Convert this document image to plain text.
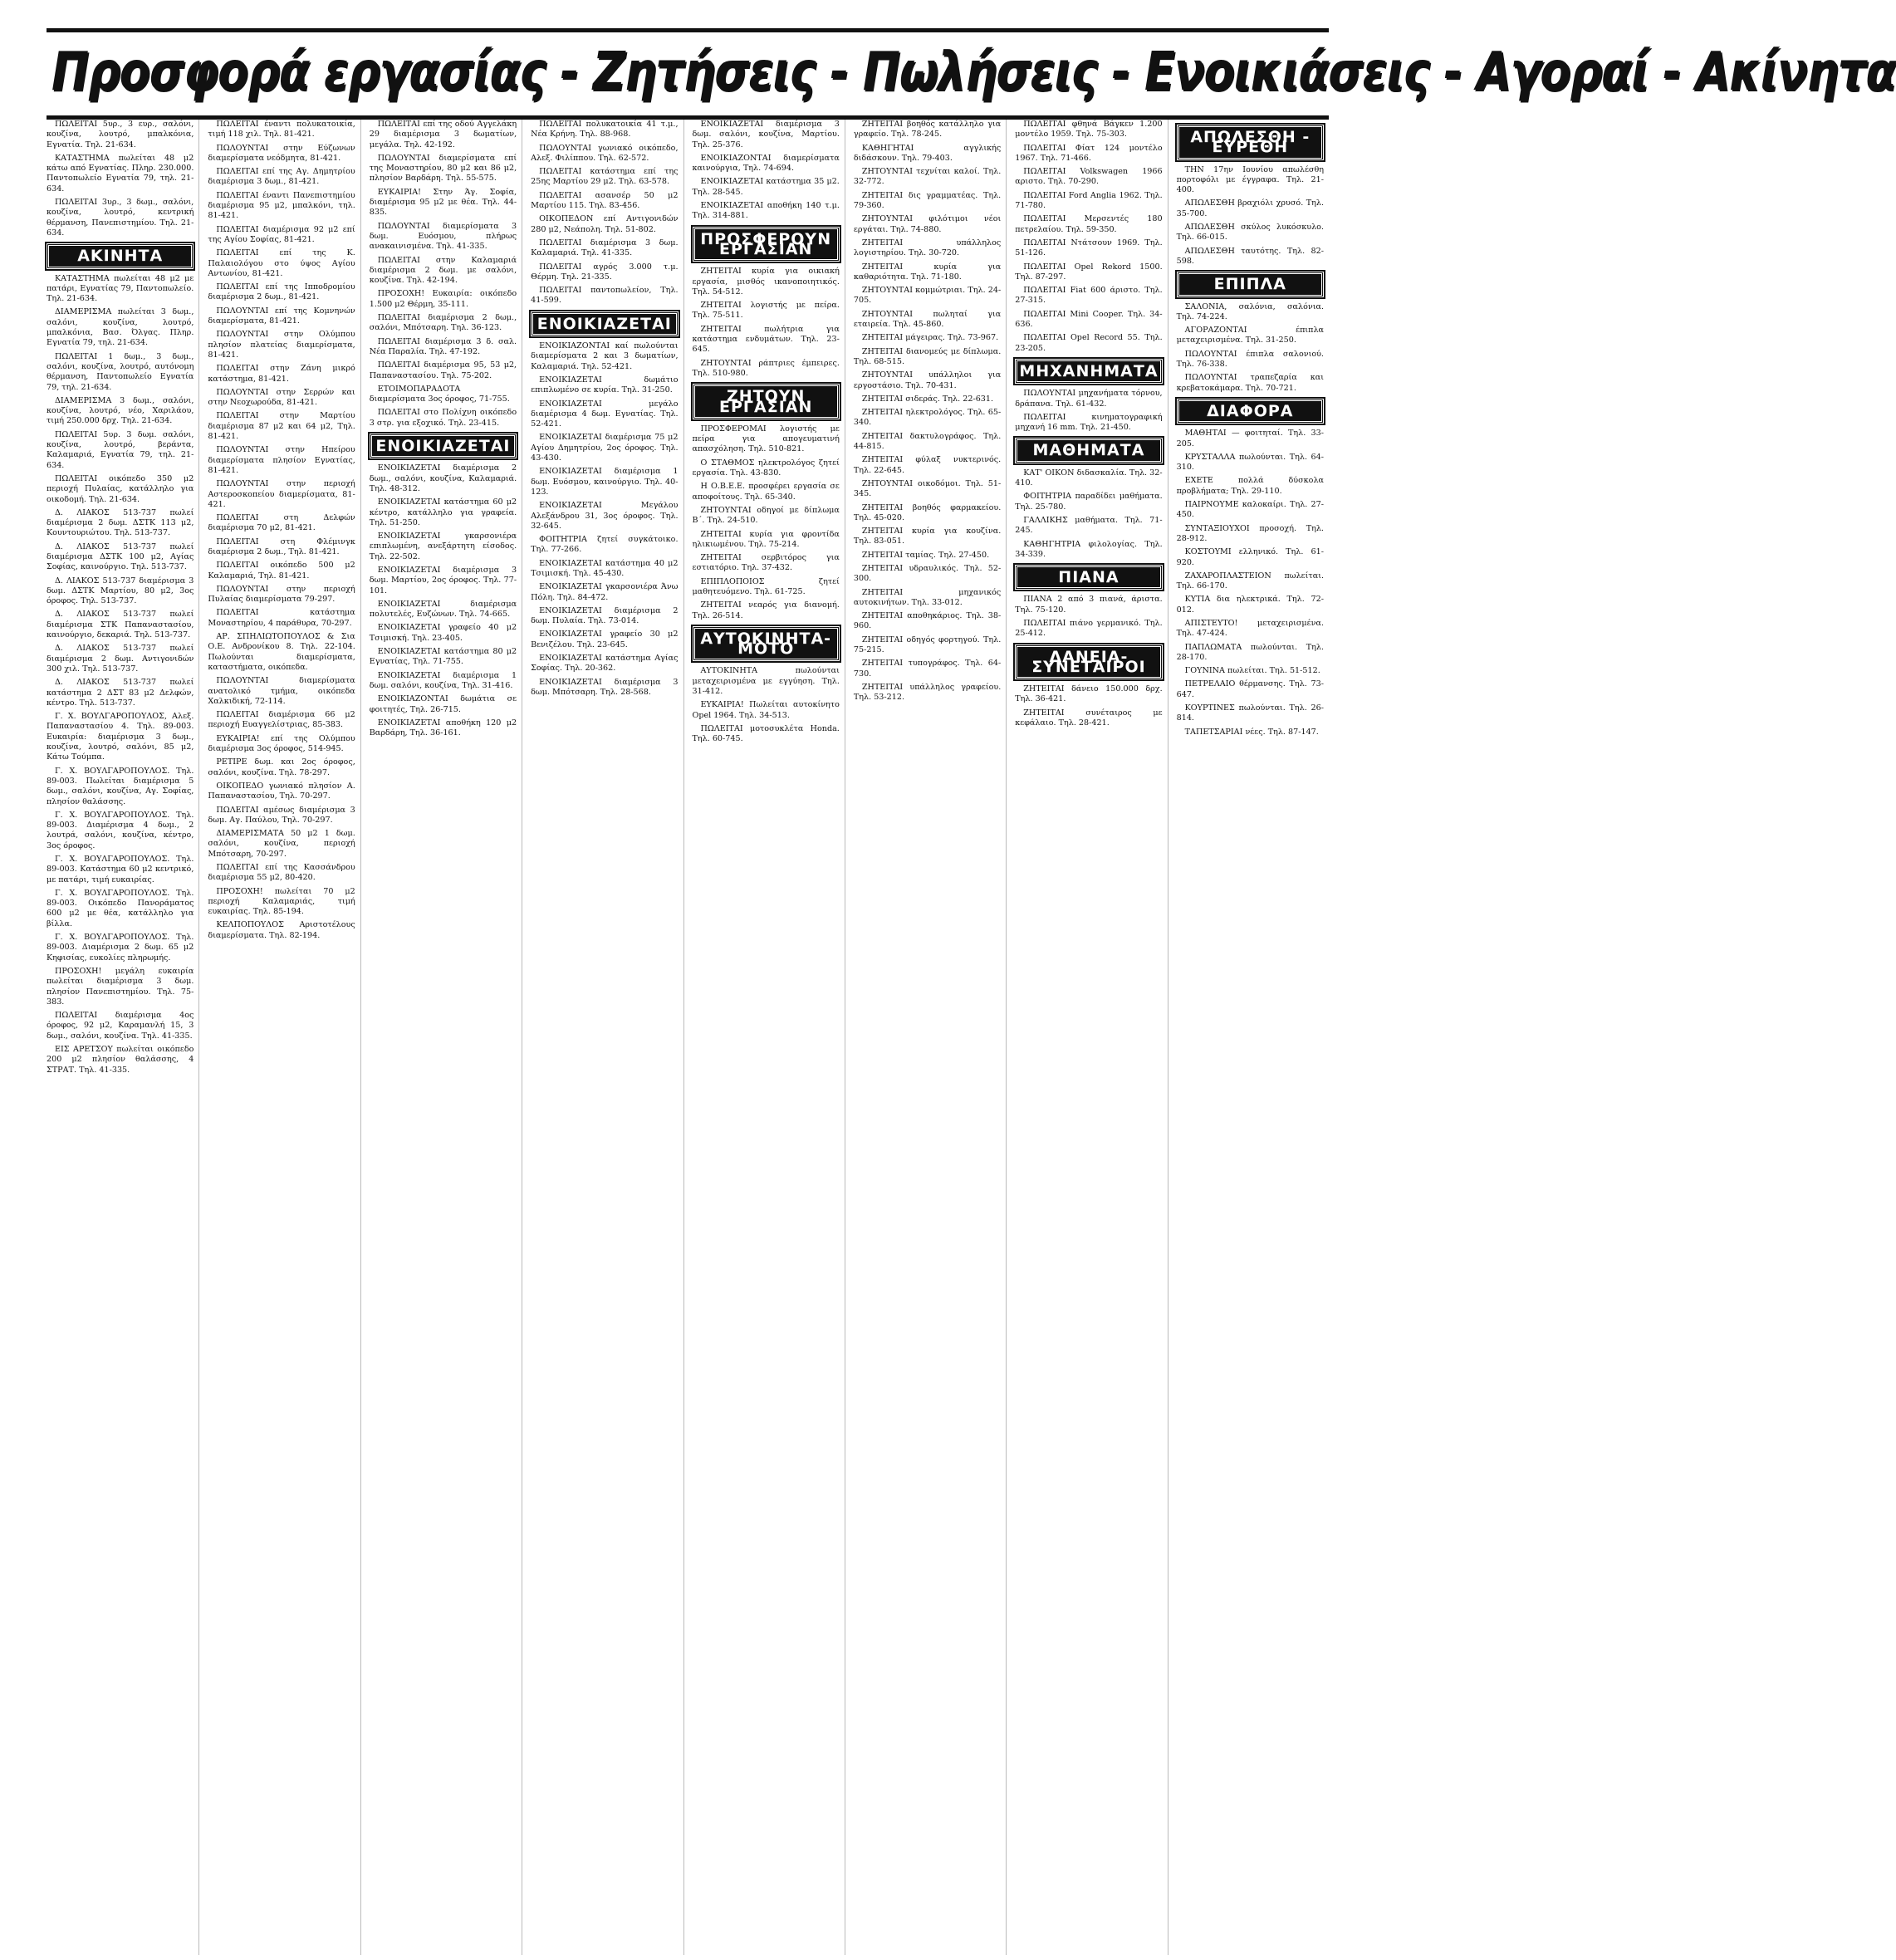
Προσφορά εργασίας - Ζητήσεις - Πωλήσεις - Ενοικιάσεις - Αγοραί - Ακίνητα

ΠΩΛΕΙΤΑΙ 5υρ., 3 ευρ., σαλόνι, κουζίνα, λουτρό, μπαλκόνια, Εγνατία. Τηλ. 21-634.

ΚΑΤΑΣΤΗΜΑ πωλείται 48 μ2 κάτω από Εγνατίας. Πληρ. 230.000. Παντοπωλείο Εγνατία 79, τηλ. 21-634.

ΠΩΛΕΙΤΑΙ 3υρ., 3 δωμ., σαλόνι, κουζίνα, λουτρό, κεντρική θέρμανση, Πανεπιστημίου. Τηλ. 21-634.

ΑΚΙΝΗΤΑ

ΚΑΤΑΣΤΗΜΑ πωλείται 48 μ2 με πατάρι, Εγνατίας 79, Παντοπωλείο. Τηλ. 21-634.

ΔΙΑΜΕΡΙΣΜΑ πωλείται 3 δωμ., σαλόνι, κουζίνα, λουτρό, μπαλκόνια, Βασ. Όλγας. Πληρ. Εγνατία 79, τηλ. 21-634.

ΠΩΛΕΙΤΑΙ 1 δωμ., 3 δωμ., σαλόνι, κουζίνα, λουτρό, αυτόνομη θέρμανση, Παντοπωλείο Εγνατία 79, τηλ. 21-634.

ΔΙΑΜΕΡΙΣΜΑ 3 δωμ., σαλόνι, κουζίνα, λουτρό, νέο, Χαριλάου, τιμή 250.000 δρχ. Τηλ. 21-634.

ΠΩΛΕΙΤΑΙ 5υρ. 3 δωμ. σαλόνι, κουζίνα, λουτρό, βεράντα, Καλαμαριά, Εγνατία 79, τηλ. 21-634.

ΠΩΛΕΙΤΑΙ οικόπεδο 350 μ2 περιοχή Πυλαίας, κατάλληλο για οικοδομή. Τηλ. 21-634.

Δ. ΛΙΑΚΟΣ 513-737 πωλεί διαμέρισμα 2 δωμ. ΔΣΤΚ 113 μ2, Κουντουριώτου. Τηλ. 513-737.

Δ. ΛΙΑΚΟΣ 513-737 πωλεί διαμέρισμα ΔΣΤΚ 100 μ2, Αγίας Σοφίας, καινούργιο. Τηλ. 513-737.

Δ. ΛΙΑΚΟΣ 513-737 διαμέρισμα 3 δωμ. ΔΣΤΚ Μαρτίου, 80 μ2, 3ος όροφος. Τηλ. 513-737.

Δ. ΛΙΑΚΟΣ 513-737 πωλεί διαμέρισμα ΣΤΚ Παπαναστασίου, καινούργιο, δεκαριά. Τηλ. 513-737.

Δ. ΛΙΑΚΟΣ 513-737 πωλεί διαμέρισμα 2 δωμ. Αντιγονιδών 300 χιλ. Τηλ. 513-737.

Δ. ΛΙΑΚΟΣ 513-737 πωλεί κατάστημα 2 ΔΣΤ 83 μ2 Δελφών, κέντρο. Τηλ. 513-737.

Γ. Χ. ΒΟΥΛΓΑΡΟΠΟΥΛΟΣ, Αλεξ. Παπαναστασίου 4. Τηλ. 89-003. Ευκαιρία: διαμέρισμα 3 δωμ., κουζίνα, λουτρό, σαλόνι, 85 μ2, Κάτω Τούμπα.

Γ. Χ. ΒΟΥΛΓΑΡΟΠΟΥΛΟΣ. Τηλ. 89-003. Πωλείται διαμέρισμα 5 δωμ., σαλόνι, κουζίνα, Αγ. Σοφίας, πλησίον θαλάσσης.

Γ. Χ. ΒΟΥΛΓΑΡΟΠΟΥΛΟΣ. Τηλ. 89-003. Διαμέρισμα 4 δωμ., 2 λουτρά, σαλόνι, κουζίνα, κέντρο, 3ος όροφος.

Γ. Χ. ΒΟΥΛΓΑΡΟΠΟΥΛΟΣ. Τηλ. 89-003. Κατάστημα 60 μ2 κεντρικό, με πατάρι, τιμή ευκαιρίας.

Γ. Χ. ΒΟΥΛΓΑΡΟΠΟΥΛΟΣ. Τηλ. 89-003. Οικόπεδο Πανοράματος 600 μ2 με θέα, κατάλληλο για βίλλα.

Γ. Χ. ΒΟΥΛΓΑΡΟΠΟΥΛΟΣ. Τηλ. 89-003. Διαμέρισμα 2 δωμ. 65 μ2 Κηφισίας, ευκολίες πληρωμής.

ΠΡΟΣΟΧΗ! μεγάλη ευκαιρία πωλείται διαμέρισμα 3 δωμ. πλησίον Πανεπιστημίου. Τηλ. 75-383.

ΠΩΛΕΙΤΑΙ διαμέρισμα 4ος όροφος, 92 μ2, Καραμανλή 15, 3 δωμ., σαλόνι, κουζίνα. Τηλ. 41-335.

ΕΙΣ ΑΡΕΤΣΟΥ πωλείται οικόπεδο 200 μ2 πλησίον θαλάσσης, 4 ΣΤΡΑΤ. Τηλ. 41-335.

ΠΩΛΕΙΤΑΙ έναντι πολυκατοικία, τιμή 118 χιλ. Τηλ. 81-421.

ΠΩΛΟΥΝΤΑΙ στην Εύζωνων διαμερίσματα νεόδμητα, 81-421.

ΠΩΛΕΙΤΑΙ επί της Αγ. Δημητρίου διαμέρισμα 3 δωμ., 81-421.

ΠΩΛΕΙΤΑΙ έναντι Πανεπιστημίου διαμέρισμα 95 μ2, μπαλκόνι, τηλ. 81-421.

ΠΩΛΕΙΤΑΙ διαμέρισμα 92 μ2 επί της Αγίου Σοφίας, 81-421.

ΠΩΛΕΙΤΑΙ επί της Κ. Παλαιολόγου στο ύψος Αγίου Αντωνίου, 81-421.

ΠΩΛΕΙΤΑΙ επί της Ιπποδρομίου διαμέρισμα 2 δωμ., 81-421.

ΠΩΛΟΥΝΤΑΙ επί της Κομνηνών διαμερίσματα, 81-421.

ΠΩΛΟΥΝΤΑΙ στην Ολύμπου πλησίον πλατείας διαμερίσματα, 81-421.

ΠΩΛΕΙΤΑΙ στην Ζάνη μικρό κατάστημα, 81-421.

ΠΩΛΟΥΝΤΑΙ στην Σερρών και στην Νεοχωρούδα, 81-421.

ΠΩΛΕΙΤΑΙ στην Μαρτίου διαμέρισμα 87 μ2 και 64 μ2, Τηλ. 81-421.

ΠΩΛΟΥΝΤΑΙ στην Ηπείρου διαμερίσματα πλησίον Εγνατίας, 81-421.

ΠΩΛΟΥΝΤΑΙ στην περιοχή Αστεροσκοπείου διαμερίσματα, 81-421.

ΠΩΛΕΙΤΑΙ στη Δελφών διαμέρισμα 70 μ2, 81-421.

ΠΩΛΕΙΤΑΙ στη Φλέμινγκ διαμέρισμα 2 δωμ., Τηλ. 81-421.

ΠΩΛΕΙΤΑΙ οικόπεδο 500 μ2 Καλαμαριά, Τηλ. 81-421.

ΠΩΛΟΥΝΤΑΙ στην περιοχή Πυλαίας διαμερίσματα 79-297.

ΠΩΛΕΙΤΑΙ κατάστημα Μοναστηρίου, 4 παράθυρα, 70-297.

ΑΡ. ΣΠΗΛΙΩΤΟΠΟΥΛΟΣ & Σια Ο.Ε. Ανδρονίκου 8. Τηλ. 22-104. Πωλούνται διαμερίσματα, καταστήματα, οικόπεδα.

ΠΩΛΟΥΝΤΑΙ διαμερίσματα ανατολικό τμήμα, οικόπεδα Χαλκιδική, 72-114.

ΠΩΛΕΙΤΑΙ διαμέρισμα 66 μ2 περιοχή Ευαγγελίστριας, 85-383.

ΕΥΚΑΙΡΙΑ! επί της Ολύμπου διαμέρισμα 3ος όροφος, 514-945.

ΡΕΤΙΡΕ δωμ. και 2ος όροφος, σαλόνι, κουζίνα. Τηλ. 78-297.

ΟΙΚΟΠΕΔΟ γωνιακό πλησίον Α. Παπαναστασίου, Τηλ. 70-297.

ΠΩΛΕΙΤΑΙ αμέσως διαμέρισμα 3 δωμ. Αγ. Παύλου, Τηλ. 70-297.

ΔΙΑΜΕΡΙΣΜΑΤΑ 50 μ2 1 δωμ. σαλόνι, κουζίνα, περιοχή Μπότσαρη, 70-297.

ΠΩΛΕΙΤΑΙ επί της Κασσάνδρου διαμέρισμα 55 μ2, 80-420.

ΠΡΟΣΟΧΗ! πωλείται 70 μ2 περιοχή Καλαμαριάς, τιμή ευκαιρίας. Τηλ. 85-194.

ΚΕΛΠΟΠΟΥΛΟΣ Αριστοτέλους διαμερίσματα. Τηλ. 82-194.

ΠΩΛΕΙΤΑΙ επί της οδού Αγγελάκη 29 διαμέρισμα 3 δωματίων, μεγάλα. Τηλ. 42-192.

ΠΩΛΟΥΝΤΑΙ διαμερίσματα επί της Μοναστηρίου, 80 μ2 και 86 μ2, πλησίον Βαρδάρη. Τηλ. 55-575.

ΕΥΚΑΙΡΙΑ! Στην Άγ. Σοφία, διαμέρισμα 95 μ2 με θέα. Τηλ. 44-835.

ΠΩΛΟΥΝΤΑΙ διαμερίσματα 3 δωμ. Ευόσμου, πλήρως ανακαινισμένα. Τηλ. 41-335.

ΠΩΛΕΙΤΑΙ στην Καλαμαριά διαμέρισμα 2 δωμ. με σαλόνι, κουζίνα. Τηλ. 42-194.

ΠΡΟΣΟΧΗ! Ευκαιρία: οικόπεδο 1.500 μ2 Θέρμη, 35-111.

ΠΩΛΕΙΤΑΙ διαμέρισμα 2 δωμ., σαλόνι, Μπότσαρη. Τηλ. 36-123.

ΠΩΛΕΙΤΑΙ διαμέρισμα 3 δ. σαλ. Νέα Παραλία. Τηλ. 47-192.

ΠΩΛΕΙΤΑΙ διαμέρισμα 95, 53 μ2, Παπαναστασίου. Τηλ. 75-202.

ΕΤΟΙΜΟΠΑΡΑΔΟΤΑ διαμερίσματα 3ος όροφος, 71-755.

ΠΩΛΕΙΤΑΙ στο Πολίχνη οικόπεδο 3 στρ. για εξοχικό. Τηλ. 23-415.

ΕΝΟΙΚΙΑΖΕΤΑΙ

ΕΝΟΙΚΙΑΖΕΤΑΙ διαμέρισμα 2 δωμ., σαλόνι, κουζίνα, Καλαμαριά. Τηλ. 48-312.

ΕΝΟΙΚΙΑΖΕΤΑΙ κατάστημα 60 μ2 κέντρο, κατάλληλο για γραφεία. Τηλ. 51-250.

ΕΝΟΙΚΙΑΖΕΤΑΙ γκαρσονιέρα επιπλωμένη, ανεξάρτητη είσοδος. Τηλ. 22-502.

ΕΝΟΙΚΙΑΖΕΤΑΙ διαμέρισμα 3 δωμ. Μαρτίου, 2ος όροφος. Τηλ. 77-101.

ΕΝΟΙΚΙΑΖΕΤΑΙ διαμέρισμα πολυτελές, Ευζώνων. Τηλ. 74-665.

ΕΝΟΙΚΙΑΖΕΤΑΙ γραφείο 40 μ2 Τσιμισκή. Τηλ. 23-405.

ΕΝΟΙΚΙΑΖΕΤΑΙ κατάστημα 80 μ2 Εγνατίας, Τηλ. 71-755.

ΕΝΟΙΚΙΑΖΕΤΑΙ διαμέρισμα 1 δωμ. σαλόνι, κουζίνα, Τηλ. 31-416.

ΕΝΟΙΚΙΑΖΟΝΤΑΙ δωμάτια σε φοιτητές, Τηλ. 26-715.

ΕΝΟΙΚΙΑΖΕΤΑΙ αποθήκη 120 μ2 Βαρδάρη, Τηλ. 36-161.

ΠΩΛΕΙΤΑΙ πολυκατοικία 41 τ.μ., Νέα Κρήνη. Τηλ. 88-968.

ΠΩΛΟΥΝΤΑΙ γωνιακό οικόπεδο, Αλεξ. Φιλίππου. Τηλ. 62-572.

ΠΩΛΕΙΤΑΙ κατάστημα επί της 25ης Μαρτίου 29 μ2. Τηλ. 63-578.

ΠΩΛΕΙΤΑΙ ασανσέρ 50 μ2 Μαρτίου 115. Τηλ. 83-456.

ΟΙΚΟΠΕΔΟΝ επί Αντιγονιδών 280 μ2, Νεάπολη. Τηλ. 51-802.

ΠΩΛΕΙΤΑΙ διαμέρισμα 3 δωμ. Καλαμαριά. Τηλ. 41-335.

ΠΩΛΕΙΤΑΙ αγρός 3.000 τ.μ. Θέρμη. Τηλ. 21-335.

ΠΩΛΕΙΤΑΙ παντοπωλείον, Τηλ. 41-599.

ΕΝΟΙΚΙΑΖΕΤΑΙ

ΕΝΟΙΚΙΑΖΟΝΤΑΙ καί πωλούνται διαμερίσματα 2 και 3 δωματίων, Καλαμαριά. Τηλ. 52-421.

ΕΝΟΙΚΙΑΖΕΤΑΙ δωμάτιο επιπλωμένο σε κυρία. Τηλ. 31-250.

ΕΝΟΙΚΙΑΖΕΤΑΙ μεγάλο διαμέρισμα 4 δωμ. Εγνατίας. Τηλ. 52-421.

ΕΝΟΙΚΙΑΖΕΤΑΙ διαμέρισμα 75 μ2 Αγίου Δημητρίου, 2ος όροφος. Τηλ. 43-430.

ΕΝΟΙΚΙΑΖΕΤΑΙ διαμέρισμα 1 δωμ. Ευόσμου, καινούργιο. Τηλ. 40-123.

ΕΝΟΙΚΙΑΖΕΤΑΙ Μεγάλου Αλεξάνδρου 31, 3ος όροφος. Τηλ. 32-645.

ΦΟΙΤΗΤΡΙΑ ζητεί συγκάτοικο. Τηλ. 77-266.

ΕΝΟΙΚΙΑΖΕΤΑΙ κατάστημα 40 μ2 Τσιμισκή. Τηλ. 45-430.

ΕΝΟΙΚΙΑΖΕΤΑΙ γκαρσονιέρα Άνω Πόλη. Τηλ. 84-472.

ΕΝΟΙΚΙΑΖΕΤΑΙ διαμέρισμα 2 δωμ. Πυλαία. Τηλ. 73-014.

ΕΝΟΙΚΙΑΖΕΤΑΙ γραφείο 30 μ2 Βενιζέλου. Τηλ. 23-645.

ΕΝΟΙΚΙΑΖΕΤΑΙ κατάστημα Αγίας Σοφίας. Τηλ. 20-362.

ΕΝΟΙΚΙΑΖΕΤΑΙ διαμέρισμα 3 δωμ. Μπότσαρη. Τηλ. 28-568.

ΕΝΟΙΚΙΑΖΕΤΑΙ διαμέρισμα 3 δωμ. σαλόνι, κουζίνα, Μαρτίου. Τηλ. 25-376.

ΕΝΟΙΚΙΑΖΟΝΤΑΙ διαμερίσματα καινούργια, Τηλ. 74-694.

ΕΝΟΙΚΙΑΖΕΤΑΙ κατάστημα 35 μ2. Τηλ. 28-545.

ΕΝΟΙΚΙΑΖΕΤΑΙ αποθήκη 140 τ.μ. Τηλ. 314-881.

ΠΡΟΣΦΕΡΟΥΝ ΕΡΓΑΣΙΑΝ

ΖΗΤΕΙΤΑΙ κυρία για οικιακή εργασία, μισθός ικανοποιητικός. Τηλ. 54-512.

ΖΗΤΕΙΤΑΙ λογιστής με πείρα. Τηλ. 75-511.

ΖΗΤΕΙΤΑΙ πωλήτρια για κατάστημα ενδυμάτων. Τηλ. 23-645.

ΖΗΤΟΥΝΤΑΙ ράπτριες έμπειρες. Τηλ. 510-980.

ΖΗΤΟΥΝ ΕΡΓΑΣΙΑΝ

ΠΡΟΣΦΕΡΟΜΑΙ λογιστής με πείρα για απογευματινή απασχόληση. Τηλ. 510-821.

Ο ΣΤΑΘΜΟΣ ηλεκτρολόγος ζητεί εργασία. Τηλ. 43-830.

Η Ο.Β.Ε.Ε. προσφέρει εργασία σε αποφοίτους. Τηλ. 65-340.

ΖΗΤΟΥΝΤΑΙ οδηγοί με δίπλωμα Β΄. Τηλ. 24-510.

ΖΗΤΕΙΤΑΙ κυρία για φροντίδα ηλικιωμένου. Τηλ. 75-214.

ΖΗΤΕΙΤΑΙ σερβιτόρος για εστιατόριο. Τηλ. 37-432.

ΕΠΙΠΛΟΠΟΙΟΣ ζητεί μαθητευόμενο. Τηλ. 61-725.

ΖΗΤΕΙΤΑΙ νεαρός για διανομή. Τηλ. 26-514.

ΑΥΤΟΚΙΝΗΤΑ-ΜΟΤΟ

ΑΥΤΟΚΙΝΗΤΑ πωλούνται μεταχειρισμένα με εγγύηση. Τηλ. 31-412.

ΕΥΚΑΙΡΙΑ! Πωλείται αυτοκίνητο Opel 1964. Τηλ. 34-513.

ΠΩΛΕΙΤΑΙ μοτοσυκλέτα Honda. Τηλ. 60-745.

ΖΗΤΕΙΤΑΙ βοηθός κατάλληλο για γραφείο. Τηλ. 78-245.

ΚΑΘΗΓΗΤΑΙ αγγλικής διδάσκουν. Τηλ. 79-403.

ΖΗΤΟΥΝΤΑΙ τεχνίται καλοί. Τηλ. 32-772.

ΖΗΤΕΙΤΑΙ δις γραμματέας. Τηλ. 79-360.

ΖΗΤΟΥΝΤΑΙ φιλότιμοι νέοι εργάται. Τηλ. 74-880.

ΖΗΤΕΙΤΑΙ υπάλληλος λογιστηρίου. Τηλ. 30-720.

ΖΗΤΕΙΤΑΙ κυρία για καθαριότητα. Τηλ. 71-180.

ΖΗΤΟΥΝΤΑΙ κομμώτριαι. Τηλ. 24-705.

ΖΗΤΟΥΝΤΑΙ πωληταί για εταιρεία. Τηλ. 45-860.

ΖΗΤΕΙΤΑΙ μάγειρας. Τηλ. 73-967.

ΖΗΤΕΙΤΑΙ διανομεύς με δίπλωμα. Τηλ. 68-515.

ΖΗΤΟΥΝΤΑΙ υπάλληλοι για εργοστάσιο. Τηλ. 70-431.

ΖΗΤΕΙΤΑΙ σιδεράς. Τηλ. 22-631.

ΖΗΤΕΙΤΑΙ ηλεκτρολόγος. Τηλ. 65-340.

ΖΗΤΕΙΤΑΙ δακτυλογράφος. Τηλ. 44-815.

ΖΗΤΕΙΤΑΙ φύλαξ νυκτερινός. Τηλ. 22-645.

ΖΗΤΟΥΝΤΑΙ οικοδόμοι. Τηλ. 51-345.

ΖΗΤΕΙΤΑΙ βοηθός φαρμακείου. Τηλ. 45-020.

ΖΗΤΕΙΤΑΙ κυρία για κουζίνα. Τηλ. 83-051.

ΖΗΤΕΙΤΑΙ ταμίας. Τηλ. 27-450.

ΖΗΤΕΙΤΑΙ υδραυλικός. Τηλ. 52-300.

ΖΗΤΕΙΤΑΙ μηχανικός αυτοκινήτων. Τηλ. 33-012.

ΖΗΤΕΙΤΑΙ αποθηκάριος. Τηλ. 38-960.

ΖΗΤΕΙΤΑΙ οδηγός φορτηγού. Τηλ. 75-215.

ΖΗΤΕΙΤΑΙ τυπογράφος. Τηλ. 64-730.

ΖΗΤΕΙΤΑΙ υπάλληλος γραφείου. Τηλ. 53-212.

ΠΩΛΕΙΤΑΙ φθηνά Βάγκεν 1.200 μοντέλο 1959. Τηλ. 75-303.

ΠΩΛΕΙΤΑΙ Φίατ 124 μοντέλο 1967. Τηλ. 71-466.

ΠΩΛΕΙΤΑΙ Volkswagen 1966 αριστο. Τηλ. 70-290.

ΠΩΛΕΙΤΑΙ Ford Anglia 1962. Τηλ. 71-780.

ΠΩΛΕΙΤΑΙ Μερσεντές 180 πετρελαίου. Τηλ. 59-350.

ΠΩΛΕΙΤΑΙ Ντάτσουν 1969. Τηλ. 51-126.

ΠΩΛΕΙΤΑΙ Opel Rekord 1500. Τηλ. 87-297.

ΠΩΛΕΙΤΑΙ Fiat 600 άριστο. Τηλ. 27-315.

ΠΩΛΕΙΤΑΙ Mini Cooper. Τηλ. 34-636.

ΠΩΛΕΙΤΑΙ Opel Record 55. Τηλ. 23-205.

ΜΗΧΑΝΗΜΑΤΑ

ΠΩΛΟΥΝΤΑΙ μηχανήματα τόρνου, δράπανα. Τηλ. 61-432.

ΠΩΛΕΙΤΑΙ κινηματογραφική μηχανή 16 mm. Τηλ. 21-450.

ΜΑΘΗΜΑΤΑ

ΚΑΤ' ΟΙΚΟΝ διδασκαλία. Τηλ. 32-410.

ΦΟΙΤΗΤΡΙΑ παραδίδει μαθήματα. Τηλ. 25-780.

ΓΑΛΛΙΚΗΣ μαθήματα. Τηλ. 71-245.

ΚΑΘΗΓΗΤΡΙΑ φιλολογίας. Τηλ. 34-339.

ΠΙΑΝΑ

ΠΙΑΝΑ 2 από 3 πιανά, άριστα. Τηλ. 75-120.

ΠΩΛΕΙΤΑΙ πιάνο γερμανικό. Τηλ. 25-412.

ΔΑΝΕΙΑ-ΣΥΝΕΤΑΙΡΟΙ

ΖΗΤΕΙΤΑΙ δάνειο 150.000 δρχ. Τηλ. 36-421.

ΖΗΤΕΙΤΑΙ συνέταιρος με κεφάλαιο. Τηλ. 28-421.

ΑΠΩΛΕΣΘΗ - ΕΥΡΕΘΗ

ΤΗΝ 17ην Ιουνίου απωλέσθη πορτοφόλι με έγγραφα. Τηλ. 21-400.

ΑΠΩΛΕΣΘΗ βραχιόλι χρυσό. Τηλ. 35-700.

ΑΠΩΛΕΣΘΗ σκύλος λυκόσκυλο. Τηλ. 66-015.

ΑΠΩΛΕΣΘΗ ταυτότης. Τηλ. 82-598.

ΕΠΙΠΛΑ

ΣΑΛΟΝΙΑ, σαλόνια, σαλόνια. Τηλ. 74-224.

ΑΓΟΡΑΖΟΝΤΑΙ έπιπλα μεταχειρισμένα. Τηλ. 31-250.

ΠΩΛΟΥΝΤΑΙ έπιπλα σαλονιού. Τηλ. 76-338.

ΠΩΛΟΥΝΤΑΙ τραπεζαρία και κρεβατοκάμαρα. Τηλ. 70-721.

ΔΙΑΦΟΡΑ

ΜΑΘΗΤΑΙ — φοιτηταί. Τηλ. 33-205.

ΚΡΥΣΤΑΛΛΑ πωλούνται. Τηλ. 64-310.

ΕΧΕΤΕ πολλά δύσκολα προβλήματα; Τηλ. 29-110.

ΠΑΙΡΝΟΥΜΕ καλοκαίρι. Τηλ. 27-450.

ΣΥΝΤΑΞΙΟΥΧΟΙ προσοχή. Τηλ. 28-912.

ΚΟΣΤΟΥΜΙ ελληνικό. Τηλ. 61-920.

ΖΑΧΑΡΟΠΛΑΣΤΕΙΟΝ πωλείται. Τηλ. 66-170.

ΚΥΤΙΑ δια ηλεκτρικά. Τηλ. 72-012.

ΑΠΙΣΤΕΥΤΟ! μεταχειρισμένα. Τηλ. 47-424.

ΠΑΠΛΩΜΑΤΑ πωλούνται. Τηλ. 28-170.

ΓΟΥΝΙΝΑ πωλείται. Τηλ. 51-512.

ΠΕΤΡΕΛΑΙΟ θέρμανσης. Τηλ. 73-647.

ΚΟΥΡΤΙΝΕΣ πωλούνται. Τηλ. 26-814.

ΤΑΠΕΤΣΑΡΙΑΙ νέες. Τηλ. 87-147.
